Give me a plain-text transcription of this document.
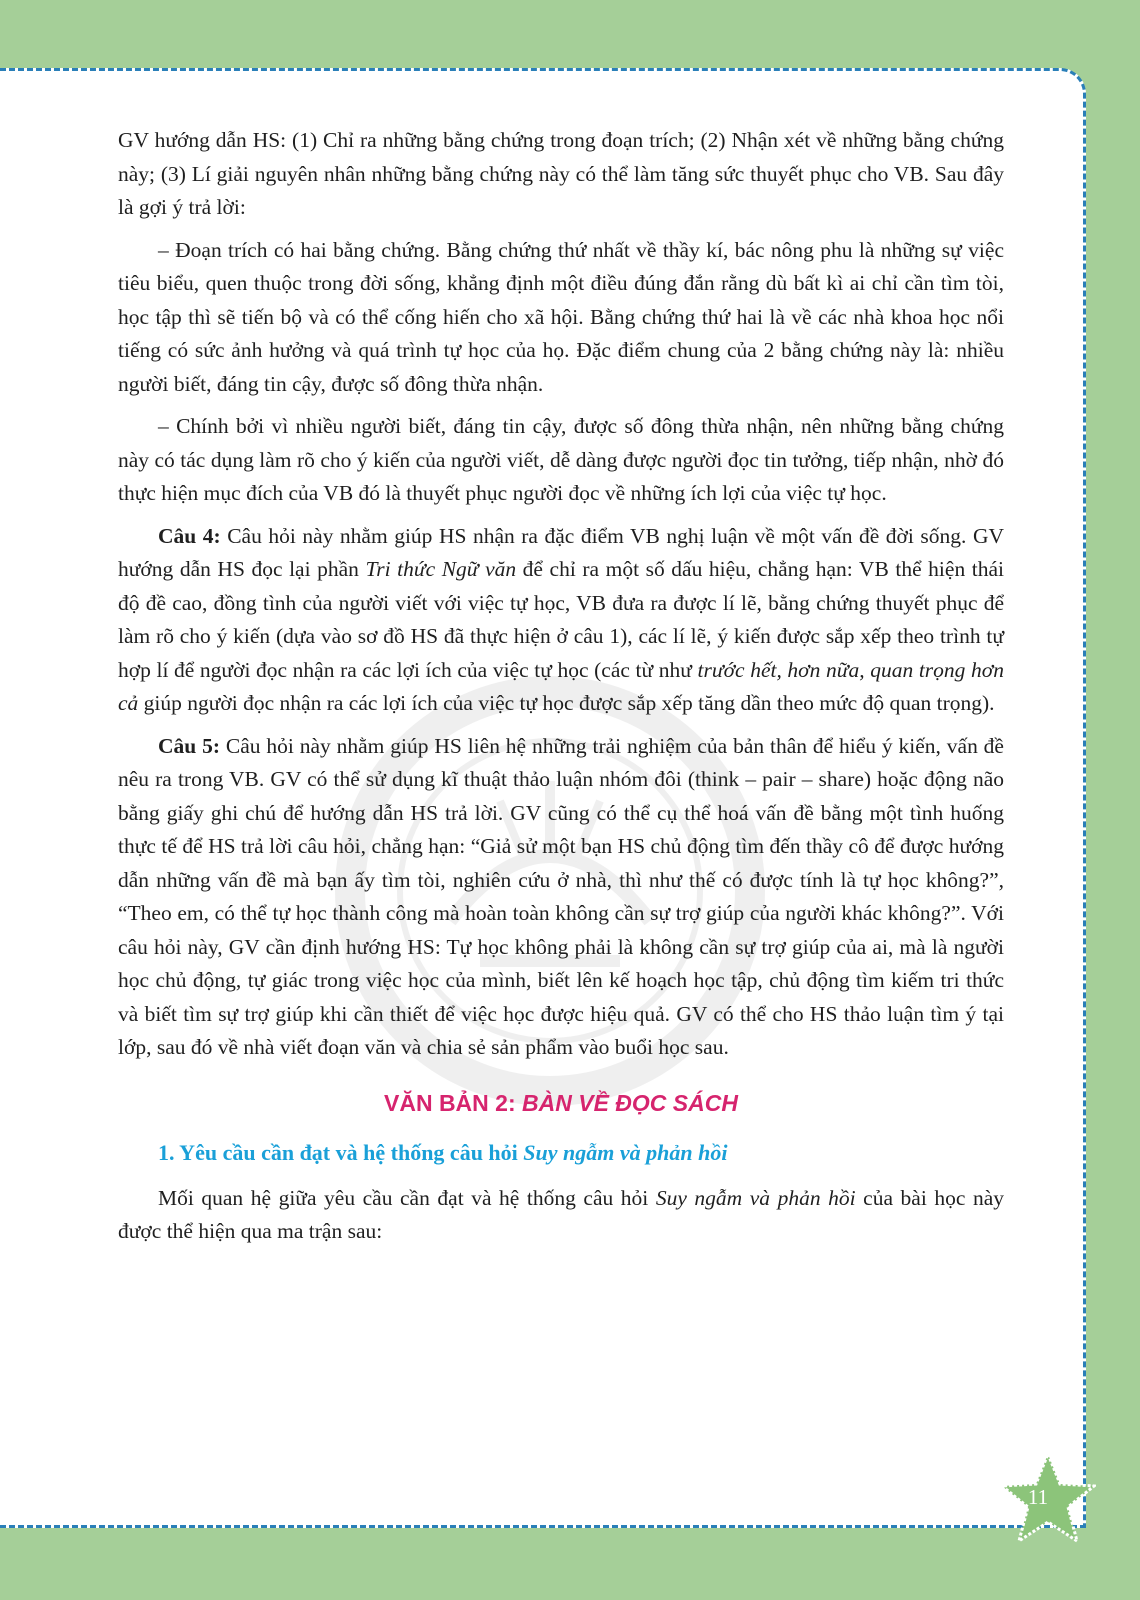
GV hướng dẫn HS: (1) Chỉ ra những bằng chứng trong đoạn trích; (2) Nhận xét về những bằng chứng này; (3) Lí giải nguyên nhân những bằng chứng này có thể làm tăng sức thuyết phục cho VB. Sau đây là gợi ý trả lời:

– Đoạn trích có hai bằng chứng. Bằng chứng thứ nhất về thầy kí, bác nông phu là những sự việc tiêu biểu, quen thuộc trong đời sống, khẳng định một điều đúng đắn rằng dù bất kì ai chỉ cần tìm tòi, học tập thì sẽ tiến bộ và có thể cống hiến cho xã hội. Bằng chứng thứ hai là về các nhà khoa học nổi tiếng có sức ảnh hưởng và quá trình tự học của họ. Đặc điểm chung của 2 bằng chứng này là: nhiều người biết, đáng tin cậy, được số đông thừa nhận.

– Chính bởi vì nhiều người biết, đáng tin cậy, được số đông thừa nhận, nên những bằng chứng này có tác dụng làm rõ cho ý kiến của người viết, dễ dàng được người đọc tin tưởng, tiếp nhận, nhờ đó thực hiện mục đích của VB đó là thuyết phục người đọc về những ích lợi của việc tự học.

Câu 4: Câu hỏi này nhằm giúp HS nhận ra đặc điểm VB nghị luận về một vấn đề đời sống. GV hướng dẫn HS đọc lại phần Tri thức Ngữ văn để chỉ ra một số dấu hiệu, chẳng hạn: VB thể hiện thái độ đề cao, đồng tình của người viết với việc tự học, VB đưa ra được lí lẽ, bằng chứng thuyết phục để làm rõ cho ý kiến (dựa vào sơ đồ HS đã thực hiện ở câu 1), các lí lẽ, ý kiến được sắp xếp theo trình tự hợp lí để người đọc nhận ra các lợi ích của việc tự học (các từ như trước hết, hơn nữa, quan trọng hơn cả giúp người đọc nhận ra các lợi ích của việc tự học được sắp xếp tăng dần theo mức độ quan trọng).

Câu 5: Câu hỏi này nhằm giúp HS liên hệ những trải nghiệm của bản thân để hiểu ý kiến, vấn đề nêu ra trong VB. GV có thể sử dụng kĩ thuật thảo luận nhóm đôi (think – pair – share) hoặc động não bằng giấy ghi chú để hướng dẫn HS trả lời. GV cũng có thể cụ thể hoá vấn đề bằng một tình huống thực tế để HS trả lời câu hỏi, chẳng hạn: “Giả sử một bạn HS chủ động tìm đến thầy cô để được hướng dẫn những vấn đề mà bạn ấy tìm tòi, nghiên cứu ở nhà, thì như thế có được tính là tự học không?”, “Theo em, có thể tự học thành công mà hoàn toàn không cần sự trợ giúp của người khác không?”. Với câu hỏi này, GV cần định hướng HS: Tự học không phải là không cần sự trợ giúp của ai, mà là người học chủ động, tự giác trong việc học của mình, biết lên kế hoạch học tập, chủ động tìm kiếm tri thức và biết tìm sự trợ giúp khi cần thiết để việc học được hiệu quả. GV có thể cho HS thảo luận tìm ý tại lớp, sau đó về nhà viết đoạn văn và chia sẻ sản phẩm vào buổi học sau.

VĂN BẢN 2: BÀN VỀ ĐỌC SÁCH

1. Yêu cầu cần đạt và hệ thống câu hỏi Suy ngẫm và phản hồi

Mối quan hệ giữa yêu cầu cần đạt và hệ thống câu hỏi Suy ngẫm và phản hồi của bài học này được thể hiện qua ma trận sau:

11
